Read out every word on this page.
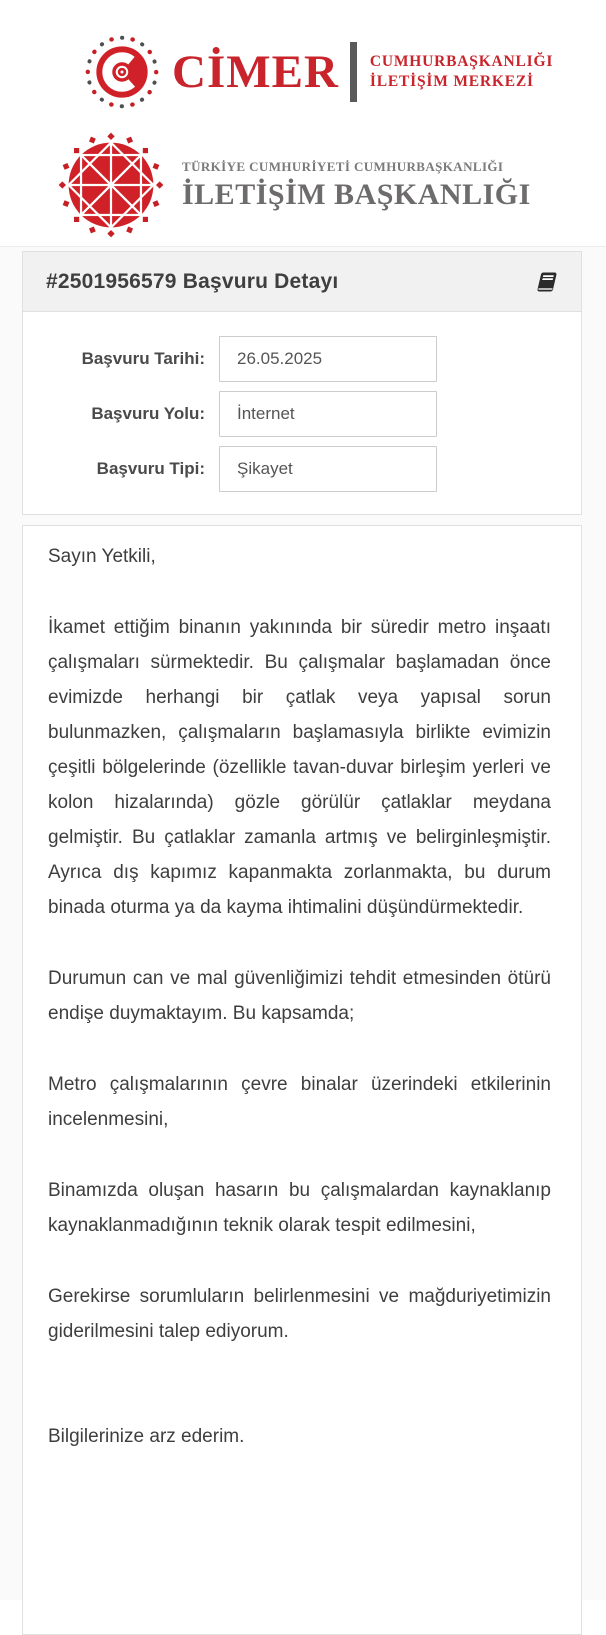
CİMER CUMHURBAŞKANLIĞI
İLETİŞİM MERKEZİ
TÜRKİYE CUMHURİYETİ CUMHURBAŞKANLIĞI
İLETİŞİM BAŞKANLIĞI
#2501956579 Başvuru Detayı
Başvuru Tarihi:	26.05.2025
Başvuru Yolu:	İnternet
Başvuru Tipi:	Şikayet

Sayın Yetkili,

İkamet ettiğim binanın yakınında bir süredir metro inşaatı çalışmaları sürmektedir. Bu çalışmalar başlamadan önce evimizde herhangi bir çatlak veya yapısal sorun bulunmazken, çalışmaların başlamasıyla birlikte evimizin çeşitli bölgelerinde (özellikle tavan-duvar birleşim yerleri ve kolon hizalarında) gözle görülür çatlaklar meydana gelmiştir. Bu çatlaklar zamanla artmış ve belirginleşmiştir. Ayrıca dış kapımız kapanmakta zorlanmakta, bu durum binada oturma ya da kayma ihtimalini düşündürmektedir.

Durumun can ve mal güvenliğimizi tehdit etmesinden ötürü endişe duymaktayım. Bu kapsamda;

Metro çalışmalarının çevre binalar üzerindeki etkilerinin incelenmesini,

Binamızda oluşan hasarın bu çalışmalardan kaynaklanıp kaynaklanmadığının teknik olarak tespit edilmesini,

Gerekirse sorumluların belirlenmesini ve mağduriyetimizin giderilmesini talep ediyorum.

Bilgilerinize arz ederim.
